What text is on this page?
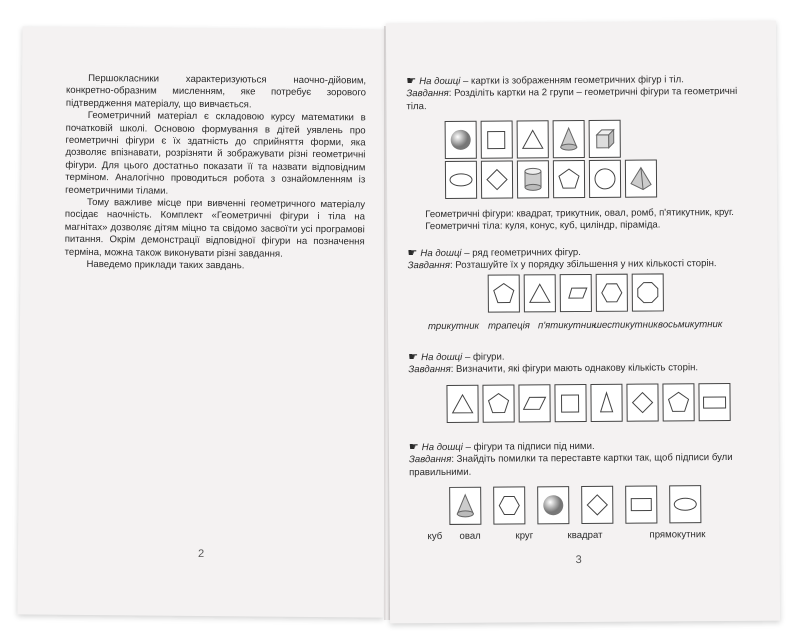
Першокласники характеризуються наочно-дійовим, конкретно-образним мисленням, яке потребує зорового підтвердження матеріалу, що вивчається.

Геометричний матеріал є складовою курсу математики в початковій школі. Основою формування в дітей уявлень про геометричні фігури є їх здатність до сприйняття форми, яка дозволяє впізнавати, розрізняти й зображувати різні геометричні фігури. Для цього достатньо показати її та назвати відповідним терміном. Аналогічно проводиться робота з ознайомленням із геометричними тілами.

Тому важливе місце при вивченні геометричного матеріалу посідає наочність. Комплект «Геометричні фігури і тіла на магнітах» дозволяє дітям міцно та свідомо засвоїти усі програмові питання. Окрім демонстрації відповідної фігури на позначення терміна, можна також виконувати різні завдання.

Наведемо приклади таких завдань.

2
☛ На дошці – картки із зображенням геометричних фігур і тіл.
Завдання: Розділіть картки на 2 групи – геометричні фігури та геометричні тіла.
Геометричні фігури: квадрат, трикутник, овал, ромб, п'ятикутник, круг.
Геометричні тіла: куля, конус, куб, циліндр, піраміда.
☛ На дошці – ряд геометричних фігур.
Завдання: Розташуйте їх у порядку збільшення у них кількості сторін.
трикутник трапеція п'ятикутник
шестикутник восьмикутник
☛ На дошці – фігури.
Завдання: Визначити, які фігури мають однакову кількість сторін.
☛ На дошці – фігури та підписи під ними.
Завдання: Знайдіть помилки та переставте картки так, щоб підписи були правильними.
куб овал	круг	квадрат	прямокутник
3
